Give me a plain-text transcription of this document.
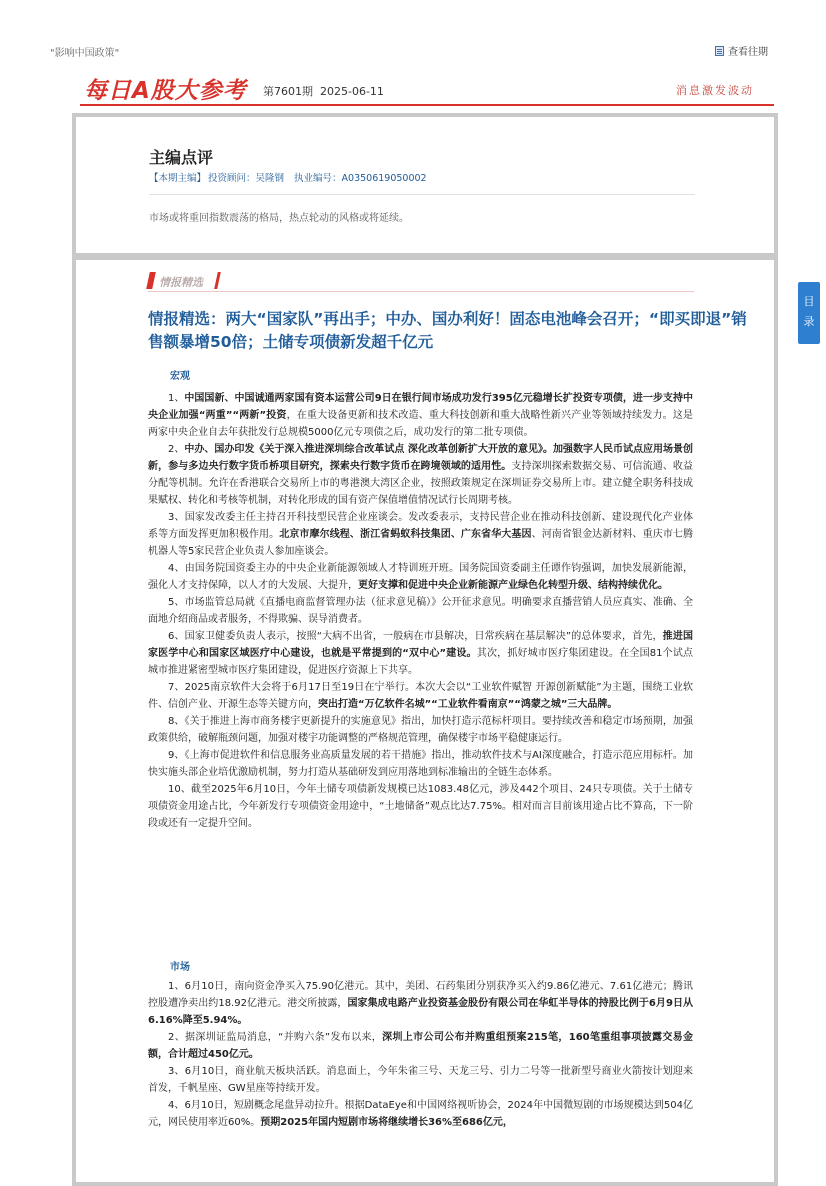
"影响中国政策"	查看往期
每日A股大参考 第7601期 2025-06-11	消息激发波动
主编点评
【本期主编】 投资顾问：吴隆钢 执业编号：A0350619050002
市场或将重回指数震荡的格局，热点轮动的风格或将延续。
情报精选
情报精选：两大“国家队”再出手；中办、国办利好！固态电池峰会召开；“即买即退”销售额暴增50倍；土储专项债新发超千亿元
宏观

1、中国国新、中国诚通两家国有资本运营公司9日在银行间市场成功发行395亿元稳增长扩投资专项债，进一步支持中央企业加强“两重”“两新”投资，在重大设备更新和技术改造、重大科技创新和重大战略性新兴产业等领域持续发力。这是两家中央企业自去年获批发行总规模5000亿元专项债之后，成功发行的第二批专项债。

2、中办、国办印发《关于深入推进深圳综合改革试点 深化改革创新扩大开放的意见》。加强数字人民币试点应用场景创新，参与多边央行数字货币桥项目研究，探索央行数字货币在跨境领域的适用性。支持深圳探索数据交易、可信流通、收益分配等机制。允许在香港联合交易所上市的粤港澳大湾区企业，按照政策规定在深圳证券交易所上市。建立健全职务科技成果赋权、转化和考核等机制，对转化形成的国有资产保值增值情况试行长周期考核。

3、国家发改委主任主持召开科技型民营企业座谈会。发改委表示，支持民营企业在推动科技创新、建设现代化产业体系等方面发挥更加积极作用。北京市摩尔线程、浙江省蚂蚁科技集团、广东省华大基因、河南省银金达新材料、重庆市七腾机器人等5家民营企业负责人参加座谈会。

4、由国务院国资委主办的中央企业新能源领域人才特训班开班。国务院国资委副主任谭作钧强调，加快发展新能源，强化人才支持保障，以人才的大发展、大提升，更好支撑和促进中央企业新能源产业绿色化转型升级、结构持续优化。

5、市场监管总局就《直播电商监督管理办法（征求意见稿）》公开征求意见。明确要求直播营销人员应真实、准确、全面地介绍商品或者服务，不得欺骗、误导消费者。

6、国家卫健委负责人表示，按照“大病不出省，一般病在市县解决，日常疾病在基层解决”的总体要求，首先，推进国家医学中心和国家区域医疗中心建设，也就是平常提到的“双中心”建设。其次，抓好城市医疗集团建设。在全国81个试点城市推进紧密型城市医疗集团建设，促进医疗资源上下共享。

7、2025南京软件大会将于6月17日至19日在宁举行。本次大会以“工业软件赋智 开源创新赋能”为主题，围绕工业软件、信创产业、开源生态等关键方向，突出打造“万亿软件名城”“工业软件看南京”“鸿蒙之城”三大品牌。

8、《关于推进上海市商务楼宇更新提升的实施意见》指出，加快打造示范标杆项目。要持续改善和稳定市场预期，加强政策供给，破解瓶颈问题，加强对楼宇功能调整的严格规范管理，确保楼宇市场平稳健康运行。

9、《上海市促进软件和信息服务业高质量发展的若干措施》指出，推动软件技术与AI深度融合，打造示范应用标杆。加快实施头部企业培优激励机制，努力打造从基础研发到应用落地到标准输出的全链生态体系。

10、截至2025年6月10日，今年土储专项债新发规模已达1083.48亿元，涉及442个项目、24只专项债。关于土储专项债资金用途占比，今年新发行专项债资金用途中，“土地储备”观点比达7.75%。相对而言目前该用途占比不算高，下一阶段或还有一定提升空间。

市场

1、6月10日，南向资金净买入75.90亿港元。其中，美团、石药集团分别获净买入约9.86亿港元、7.61亿港元；腾讯控股遭净卖出约18.92亿港元。港交所披露，国家集成电路产业投资基金股份有限公司在华虹半导体的持股比例于6月9日从6.16%降至5.94%。

2、据深圳证监局消息，“并购六条”发布以来，深圳上市公司公布并购重组预案215笔，160笔重组事项披露交易金额，合计超过450亿元。

3、6月10日，商业航天板块活跃。消息面上，今年朱雀三号、天龙三号、引力二号等一批新型号商业火箭按计划迎来首发，千帆星座、GW星座等持续开发。

4、6月10日，短剧概念尾盘异动拉升。根据DataEye和中国网络视听协会，2024年中国微短剧的市场规模达到504亿元，网民使用率近60%。预期2025年国内短剧市场将继续增长36%至686亿元，

目录
